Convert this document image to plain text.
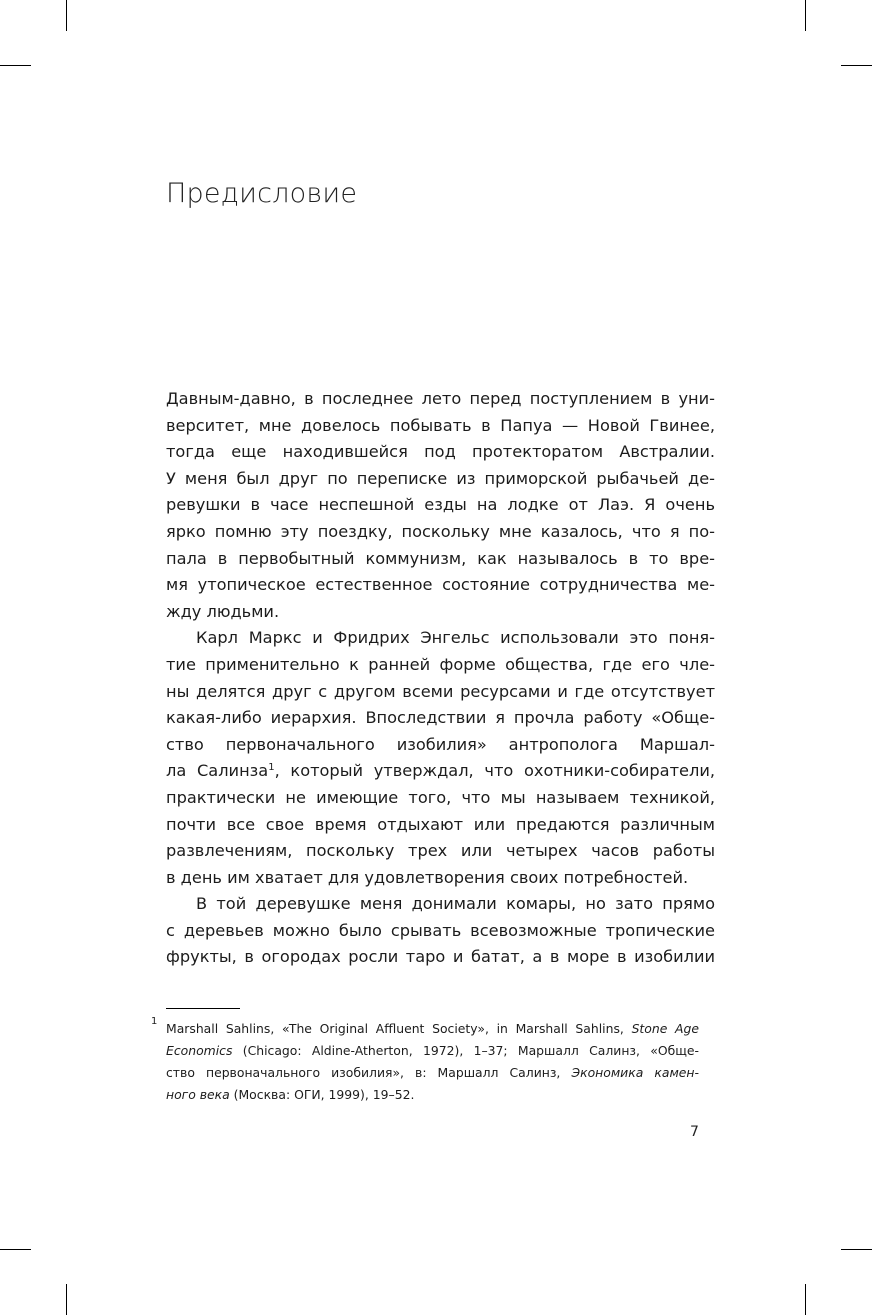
Предисловие
Давным-давно, в последнее лето перед поступлением в уни-
верситет, мне довелось побывать в Папуа — Новой Гвинее,
тогда еще находившейся под протекторатом Австралии.
У меня был друг по переписке из приморской рыбачьей де-
ревушки в часе неспешной езды на лодке от Лаэ. Я очень
ярко помню эту поездку, поскольку мне казалось, что я по-
пала в первобытный коммунизм, как называлось в то вре-
мя утопическое естественное состояние сотрудничества ме-
жду людьми.
Карл Маркс и Фридрих Энгельс использовали это поня-
тие применительно к ранней форме общества, где его чле-
ны делятся друг с другом всеми ресурсами и где отсутствует
какая-либо иерархия. Впоследствии я прочла работу «Обще-
ство первоначального изобилия» антрополога Маршал-
ла Салинза$^1$, который утверждал, что охотники-собиратели,
практически не имеющие того, что мы называем техникой,
почти все свое время отдыхают или предаются различным
развлечениям, поскольку трех или четырех часов работы
в день им хватает для удовлетворения своих потребностей.
В той деревушке меня донимали комары, но зато прямо
с деревьев можно было срывать всевозможные тропические
фрукты, в огородах росли таро и батат, а в море в изобилии
1 Marshall Sahlins, «The Original Affluent Society», in Marshall Sahlins, Stone Age
Economics (Chicago: Aldine-Atherton, 1972), 1–37; Маршалл Салинз, «Обще-
ство первоначального изобилия», в: Маршалл Салинз, Экономика камен-
ного века (Москва: ОГИ, 1999), 19–52.
7
